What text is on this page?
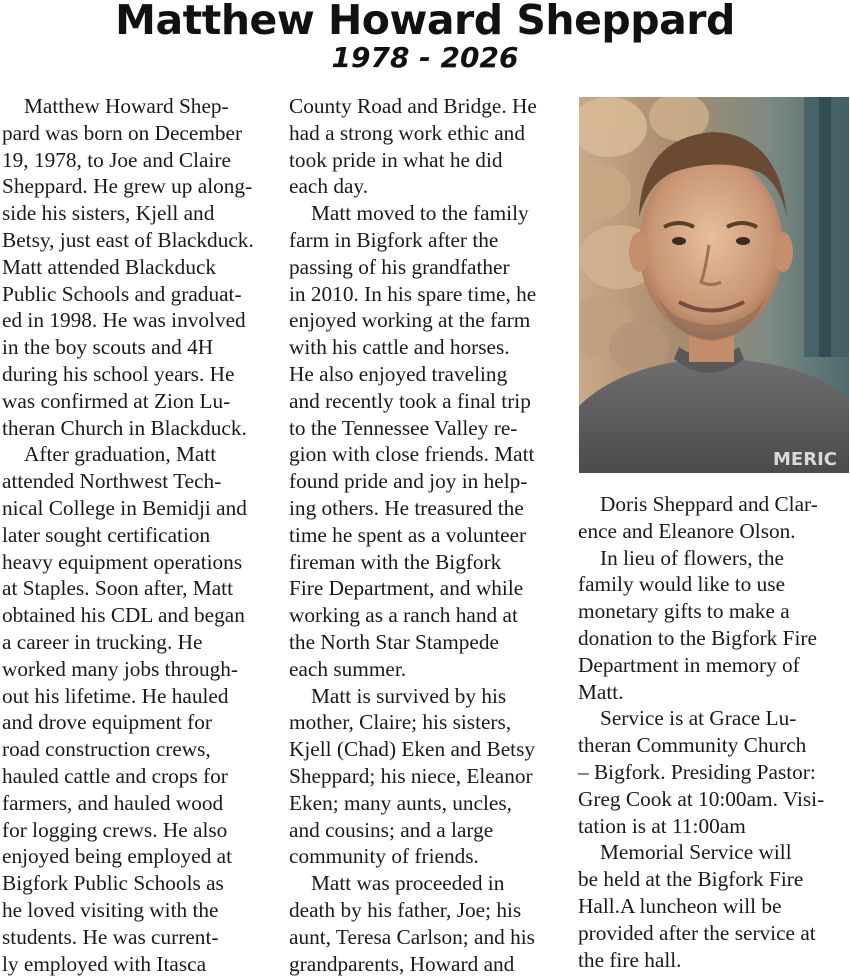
Matthew Howard Sheppard
1978 - 2026

Matthew Howard Shep-
pard was born on December
19, 1978, to Joe and Claire
Sheppard. He grew up along-
side his sisters, Kjell and
Betsy, just east of Blackduck.
Matt attended Blackduck
Public Schools and graduat-
ed in 1998. He was involved
in the boy scouts and 4H
during his school years. He
was confirmed at Zion Lu-
theran Church in Blackduck.

After graduation, Matt
attended Northwest Tech-
nical College in Bemidji and
later sought certification
heavy equipment operations
at Staples. Soon after, Matt
obtained his CDL and began
a career in trucking. He
worked many jobs through-
out his lifetime. He hauled
and drove equipment for
road construction crews,
hauled cattle and crops for
farmers, and hauled wood
for logging crews. He also
enjoyed being employed at
Bigfork Public Schools as
he loved visiting with the
students. He was current-
ly employed with Itasca

County Road and Bridge. He
had a strong work ethic and
took pride in what he did
each day.

Matt moved to the family
farm in Bigfork after the
passing of his grandfather
in 2010. In his spare time, he
enjoyed working at the farm
with his cattle and horses.
He also enjoyed traveling
and recently took a final trip
to the Tennessee Valley re-
gion with close friends. Matt
found pride and joy in help-
ing others. He treasured the
time he spent as a volunteer
fireman with the Bigfork
Fire Department, and while
working as a ranch hand at
the North Star Stampede
each summer.

Matt is survived by his
mother, Claire; his sisters,
Kjell (Chad) Eken and Betsy
Sheppard; his niece, Eleanor
Eken; many aunts, uncles,
and cousins; and a large
community of friends.

Matt was proceeded in
death by his father, Joe; his
aunt, Teresa Carlson; and his
grandparents, Howard and

MERIC

Doris Sheppard and Clar-
ence and Eleanore Olson.

In lieu of flowers, the
family would like to use
monetary gifts to make a
donation to the Bigfork Fire
Department in memory of
Matt.

Service is at Grace Lu-
theran Community Church
– Bigfork. Presiding Pastor:
Greg Cook at 10:00am. Visi-
tation is at 11:00am

Memorial Service will
be held at the Bigfork Fire
Hall.A luncheon will be
provided after the service at
the fire hall.
